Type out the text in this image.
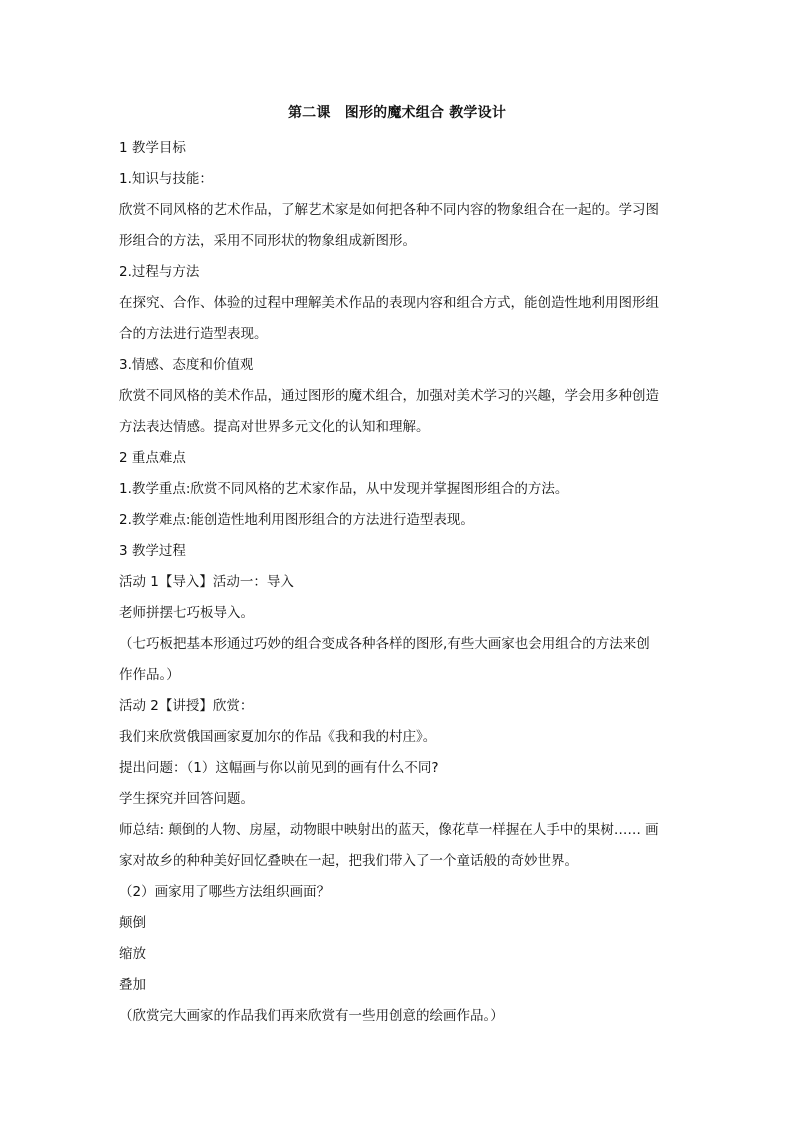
第二课　图形的魔术组合 教学设计

1 教学目标

1.知识与技能：

欣赏不同风格的艺术作品，了解艺术家是如何把各种不同内容的物象组合在一起的。学习图

形组合的方法，采用不同形状的物象组成新图形。

2.过程与方法

在探究、合作、体验的过程中理解美术作品的表现内容和组合方式，能创造性地利用图形组

合的方法进行造型表现。

3.情感、态度和价值观

欣赏不同风格的美术作品，通过图形的魔术组合，加强对美术学习的兴趣，学会用多种创造

方法表达情感。提高对世界多元文化的认知和理解。

2 重点难点

1.教学重点:欣赏不同风格的艺术家作品，从中发现并掌握图形组合的方法。

2.教学难点:能创造性地利用图形组合的方法进行造型表现。

3 教学过程

活动 1【导入】活动一：导入

老师拼摆七巧板导入。

（七巧板把基本形通过巧妙的组合变成各种各样的图形,有些大画家也会用组合的方法来创

作作品。）

活动 2【讲授】欣赏：

我们来欣赏俄国画家夏加尔的作品《我和我的村庄》。

提出问题：（1）这幅画与你以前见到的画有什么不同?

学生探究并回答问题。

师总结: 颠倒的人物、房屋，动物眼中映射出的蓝天，像花草一样握在人手中的果树…… 画

家对故乡的种种美好回忆叠映在一起，把我们带入了一个童话般的奇妙世界。

（2）画家用了哪些方法组织画面？

颠倒

缩放

叠加

（欣赏完大画家的作品我们再来欣赏有一些用创意的绘画作品。）
